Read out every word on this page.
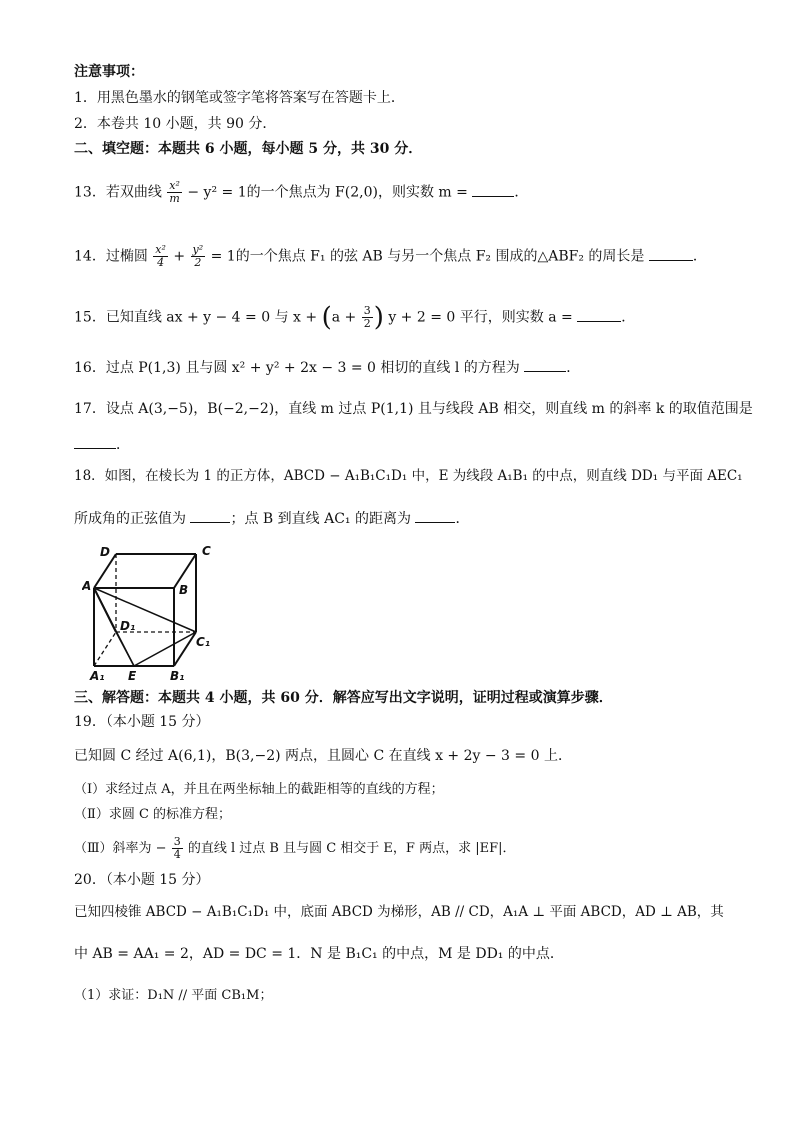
注意事项：
1．用黑色墨水的钢笔或签字笔将答案写在答题卡上．
2．本卷共 10 小题，共 90 分．
二、填空题：本题共 6 小题，每小题 5 分，共 30 分．
13．若双曲线 $\frac{\text{x²}}{m} - y^2 = 1$的一个焦点为 F(2,0)，则实数 m =	．
14．过椭圆 $\frac{\text{x²}}{4} + \frac{\text{y²}}{2} = 1$的一个焦点 F₁ 的弦 AB 与另一个焦点 F₂ 围成的△ABF₂ 的周长是	．
15．已知直线 ax + y − 4 = 0 与 $x + (a + \frac{3}{2}$ ) y + 2 = 0 平行，则实数 a =	．
16．过点 P(1,3) 且与圆 x² + y² + 2x − 3 = 0 相切的直线 l 的方程为	．
17．设点 A(3,−5)，B(−2,−2)，直线 m 过点 P(1,1) 且与线段 AB 相交，则直线 m 的斜率 k 的取值范围是
．
18．如图，在棱长为 1 的正方体，ABCD − A₁B₁C₁D₁ 中，E 为线段 A₁B₁ 的中点，则直线 DD₁ 与平面 AEC₁
所成角的正弦值为	；点 B 到直线 AC₁ 的距离为	．
D	C
A	B
D₁
C₁
A₁ E	B₁
三、解答题：本题共 4 小题，共 60 分．解答应写出文字说明，证明过程或演算步骤．
19．（本小题 15 分）
已知圆 C 经过 A(6,1)，B(3,−2) 两点，且圆心 C 在直线 x + 2y − 3 = 0 上．
（Ⅰ）求经过点 A，并且在两坐标轴上的截距相等的直线的方程；
（Ⅱ）求圆 C 的标准方程；
（Ⅲ）斜率为 − $\frac{3}{4}$ 的直线 l 过点 B 且与圆 C 相交于 E，F 两点，求 |EF|．
20．（本小题 15 分）
已知四棱锥 ABCD − A₁B₁C₁D₁ 中，底面 ABCD 为梯形，AB // CD，A₁A ⊥ 平面 ABCD，AD ⊥ AB，其
中 AB = AA₁ = 2，AD = DC = 1．N 是 B₁C₁ 的中点，M 是 DD₁ 的中点．
（1）求证：D₁N // 平面 CB₁M；
